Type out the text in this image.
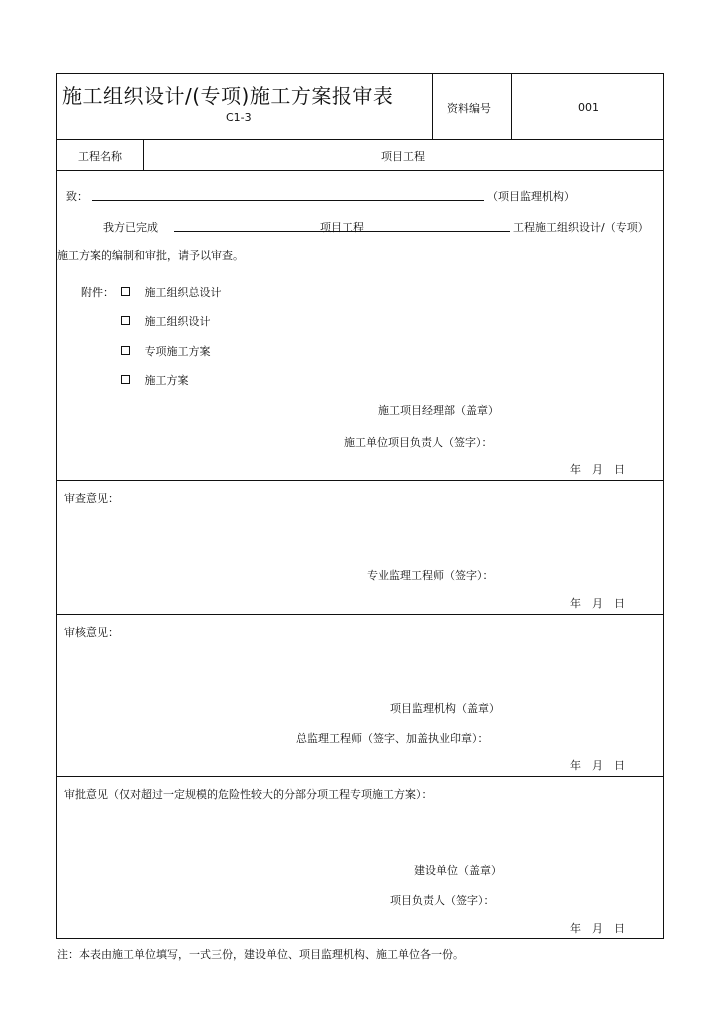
施工组织设计/(专项)施工方案报审表
C1-3
资料编号	001
工程名称	项目工程
致：	（项目监理机构）
我方已完成	项目工程	工程施工组织设计/（专项）
施工方案的编制和审批，请予以审查。
附件：	施工组织总设计
施工组织设计
专项施工方案
施工方案
施工项目经理部（盖章）
施工单位项目负责人（签字）：
年　月　日
审查意见：
专业监理工程师（签字）：
年　月　日
审核意见：
项目监理机构（盖章）
总监理工程师（签字、加盖执业印章）：
年　月　日
审批意见（仅对超过一定规模的危险性较大的分部分项工程专项施工方案）：
建设单位（盖章）
项目负责人（签字）：
年　月　日
注：本表由施工单位填写，一式三份，建设单位、项目监理机构、施工单位各一份。
